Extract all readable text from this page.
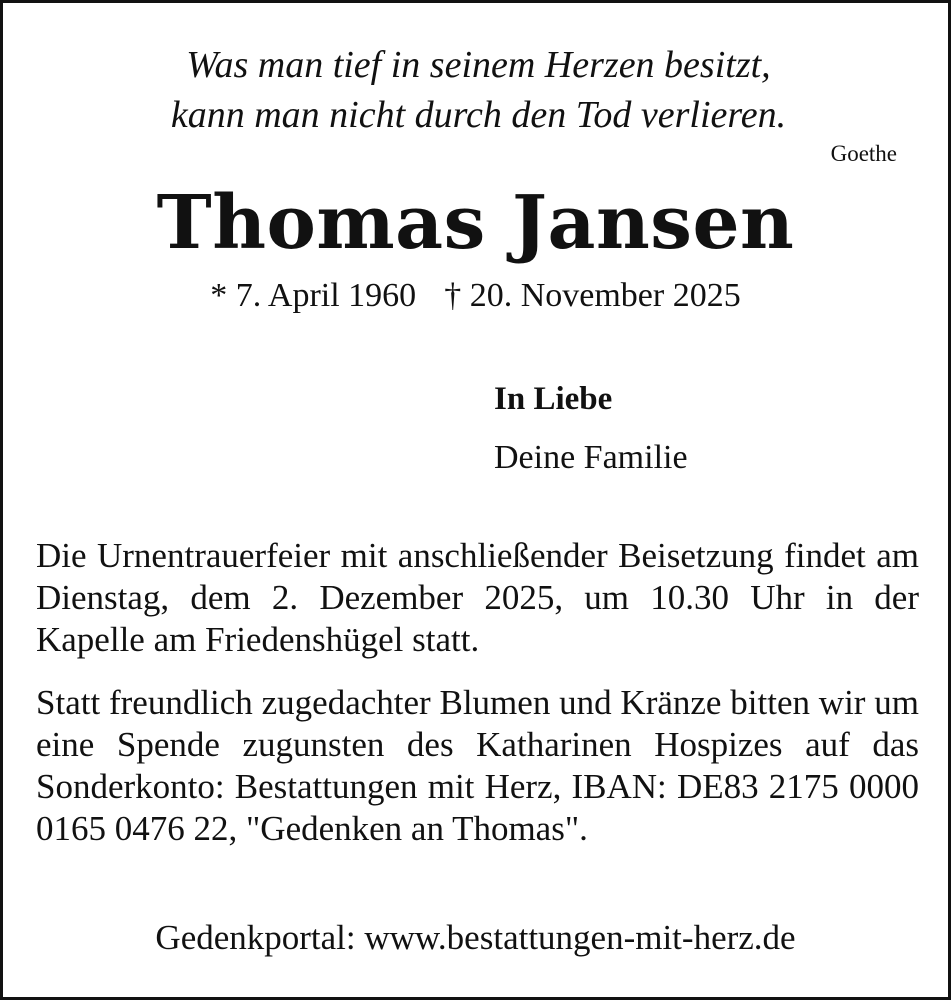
Was man tief in seinem Herzen besitzt,
kann man nicht durch den Tod verlieren.
Goethe
Thomas Jansen
* 7. April 1960 † 20. November 2025
In Liebe
Deine Familie
Die Urnentrauerfeier mit anschließender Beisetzung findet am Dienstag, dem 2. Dezember 2025, um 10.30 Uhr in der Kapelle am Friedenshügel statt.
Statt freundlich zugedachter Blumen und Kränze bitten wir um eine Spende zugunsten des Katharinen Hospizes auf das Sonderkonto: Bestattungen mit Herz, IBAN: DE83 2175 0000 0165 0476 22, "Gedenken an Thomas".
Gedenkportal: www.bestattungen-mit-herz.de
